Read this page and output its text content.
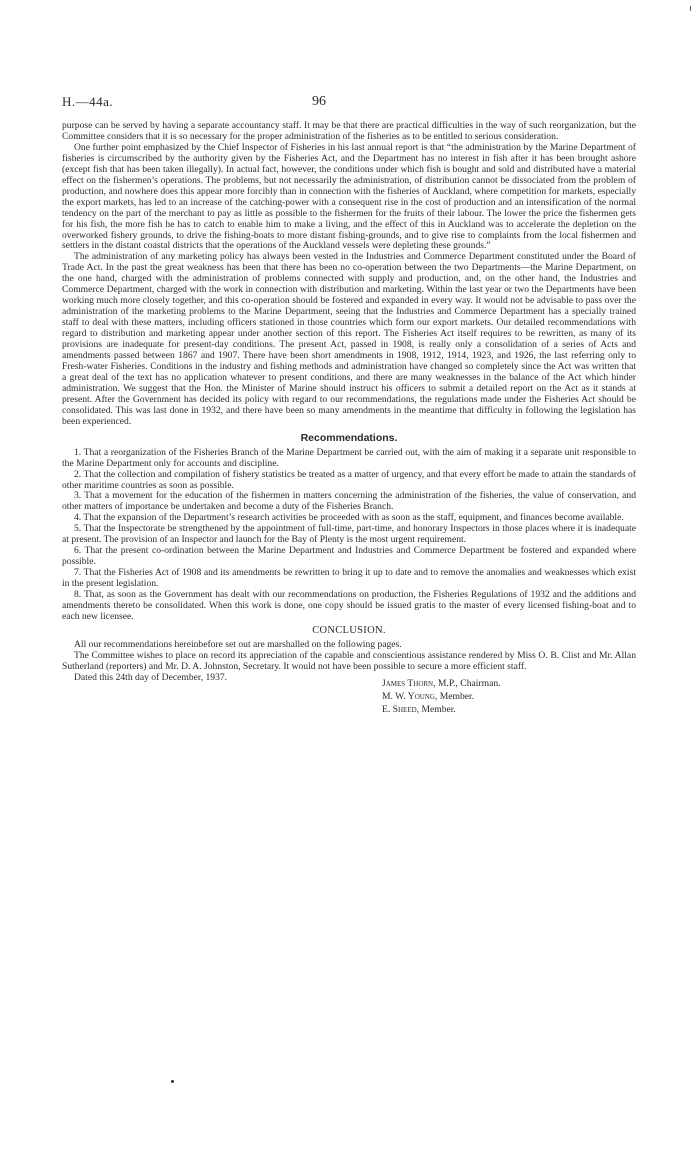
H.—44a.	96

purpose can be served by having a separate accountancy staff. It may be that there are practical difficulties in the way of such reorganization, but the Committee considers that it is so necessary for the proper administration of the fisheries as to be entitled to serious consideration.

One further point emphasized by the Chief Inspector of Fisheries in his last annual report is that “the administration by the Marine Department of fisheries is circumscribed by the authority given by the Fisheries Act, and the Department has no interest in fish after it has been brought ashore (except fish that has been taken illegally). In actual fact, however, the conditions under which fish is bought and sold and distributed have a material effect on the fishermen’s operations. The problems, but not necessarily the administration, of distribution cannot be dissociated from the problem of production, and nowhere does this appear more forcibly than in connection with the fisheries of Auckland, where competition for markets, especially the export markets, has led to an increase of the catching-power with a consequent rise in the cost of production and an intensification of the normal tendency on the part of the merchant to pay as little as possible to the fishermen for the fruits of their labour. The lower the price the fishermen gets for his fish, the more fish he has to catch to enable him to make a living, and the effect of this in Auckland was to accelerate the depletion on the overworked fishery grounds, to drive the fishing-boats to more distant fishing-grounds, and to give rise to complaints from the local fishermen and settlers in the distant coastal districts that the operations of the Auckland vessels were depleting these grounds.”

The administration of any marketing policy has always been vested in the Industries and Commerce Department constituted under the Board of Trade Act. In the past the great weakness has been that there has been no co-operation between the two Departments—the Marine Department, on the one hand, charged with the administration of problems connected with supply and production, and, on the other hand, the Industries and Commerce Department, charged with the work in connection with distribution and marketing. Within the last year or two the Departments have been working much more closely together, and this co-operation should be fostered and expanded in every way. It would not be advisable to pass over the administration of the marketing problems to the Marine Department, seeing that the Industries and Commerce Department has a specially trained staff to deal with these matters, including officers stationed in those countries which form our export markets. Our detailed recommendations with regard to distribution and marketing appear under another section of this report. The Fisheries Act itself requires to be rewritten, as many of its provisions are inadequate for present-day conditions. The present Act, passed in 1908, is really only a consolidation of a series of Acts and amendments passed between 1867 and 1907. There have been short amendments in 1908, 1912, 1914, 1923, and 1926, the last referring only to Fresh-water Fisheries. Conditions in the industry and fishing methods and administration have changed so completely since the Act was written that a great deal of the text has no application whatever to present conditions, and there are many weaknesses in the balance of the Act which hinder administration. We suggest that the Hon. the Minister of Marine should instruct his officers to submit a detailed report on the Act as it stands at present. After the Government has decided its policy with regard to our recommendations, the regulations made under the Fisheries Act should be consolidated. This was last done in 1932, and there have been so many amendments in the meantime that difficulty in following the legislation has been experienced.

Recommendations.

1. That a reorganization of the Fisheries Branch of the Marine Department be carried out, with the aim of making it a separate unit responsible to the Marine Department only for accounts and discipline.

2. That the collection and compilation of fishery statistics be treated as a matter of urgency, and that every effort be made to attain the standards of other maritime countries as soon as possible.

3. That a movement for the education of the fishermen in matters concerning the administration of the fisheries, the value of conservation, and other matters of importance be undertaken and become a duty of the Fisheries Branch.

4. That the expansion of the Department’s research activities be proceeded with as soon as the staff, equipment, and finances become available.

5. That the Inspectorate be strengthened by the appointment of full-time, part-time, and honorary Inspectors in those places where it is inadequate at present. The provision of an Inspector and launch for the Bay of Plenty is the most urgent requirement.

6. That the present co-ordination between the Marine Department and Industries and Commerce Department be fostered and expanded where possible.

7. That the Fisheries Act of 1908 and its amendments be rewritten to bring it up to date and to remove the anomalies and weaknesses which exist in the present legislation.

8. That, as soon as the Government has dealt with our recommendations on production, the Fisheries Regulations of 1932 and the additions and amendments thereto be consolidated. When this work is done, one copy should be issued gratis to the master of every licensed fishing-boat and to each new licensee.

CONCLUSION.

All our recommendations hereinbefore set out are marshalled on the following pages.

The Committee wishes to place on record its appreciation of the capable and conscientious assistance rendered by Miss O. B. Clist and Mr. Allan Sutherland (reporters) and Mr. D. A. Johnston, Secretary. It would not have been possible to secure a more efficient staff.

Dated this 24th day of December, 1937.
James Thorn, M.P., Chairman.
M. W. Young, Member.
E. Sheed, Member.
